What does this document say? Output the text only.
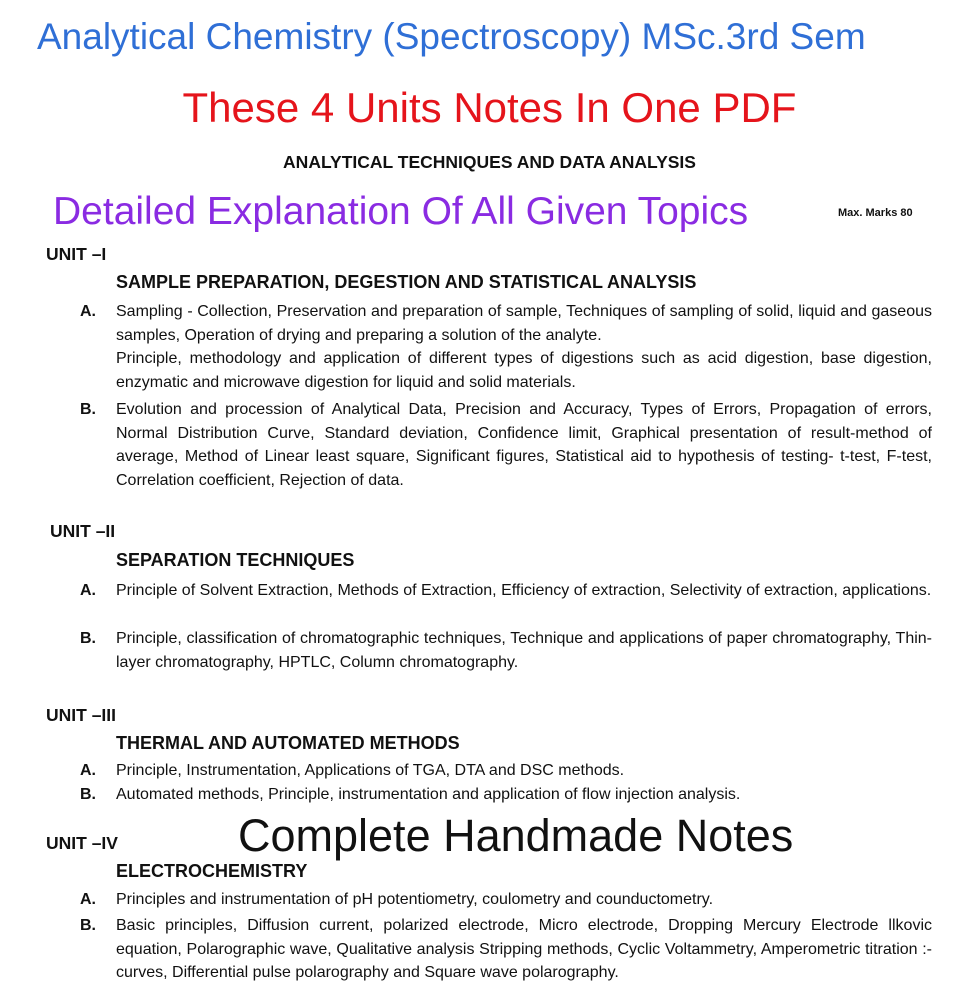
Analytical Chemistry (Spectroscopy) MSc.3rd Sem
These 4 Units Notes In One PDF
ANALYTICAL TECHNIQUES AND DATA ANALYSIS
Detailed Explanation Of All Given Topics	Max. Marks 80
UNIT –I
SAMPLE PREPARATION, DEGESTION AND STATISTICAL ANALYSIS
A. Sampling - Collection, Preservation and preparation of sample, Techniques of sampling of solid, liquid and gaseous samples, Operation of drying and preparing a solution of the analyte.

Principle, methodology and application of different types of digestions such as acid digestion, base digestion, enzymatic and microwave digestion for liquid and solid materials.

B. Evolution and procession of Analytical Data, Precision and Accuracy, Types of Errors, Propagation of errors, Normal Distribution Curve, Standard deviation, Confidence limit, Graphical presentation of result-method of average, Method of Linear least square, Significant figures, Statistical aid to hypothesis of testing- t-test, F-test, Correlation coefficient, Rejection of data.

UNIT –II
SEPARATION TECHNIQUES
A. Principle of Solvent Extraction, Methods of Extraction, Efficiency of extraction, Selectivity of extraction, applications.

B. Principle, classification of chromatographic techniques, Technique and applications of paper chromatography, Thin-layer chromatography, HPTLC, Column chromatography.

UNIT –III
THERMAL AND AUTOMATED METHODS
A. Principle, Instrumentation, Applications of TGA, DTA and DSC methods.

B. Automated methods, Principle, instrumentation and application of flow injection analysis.

UNIT –IV	Complete Handmade Notes
ELECTROCHEMISTRY
A. Principles and instrumentation of pH potentiometry, coulometry and counductometry.

B. Basic principles, Diffusion current, polarized electrode, Micro electrode, Dropping Mercury Electrode llkovic equation, Polarographic wave, Qualitative analysis Stripping methods, Cyclic Voltammetry, Amperometric titration :-curves, Differential pulse polarography and Square wave polarography.
